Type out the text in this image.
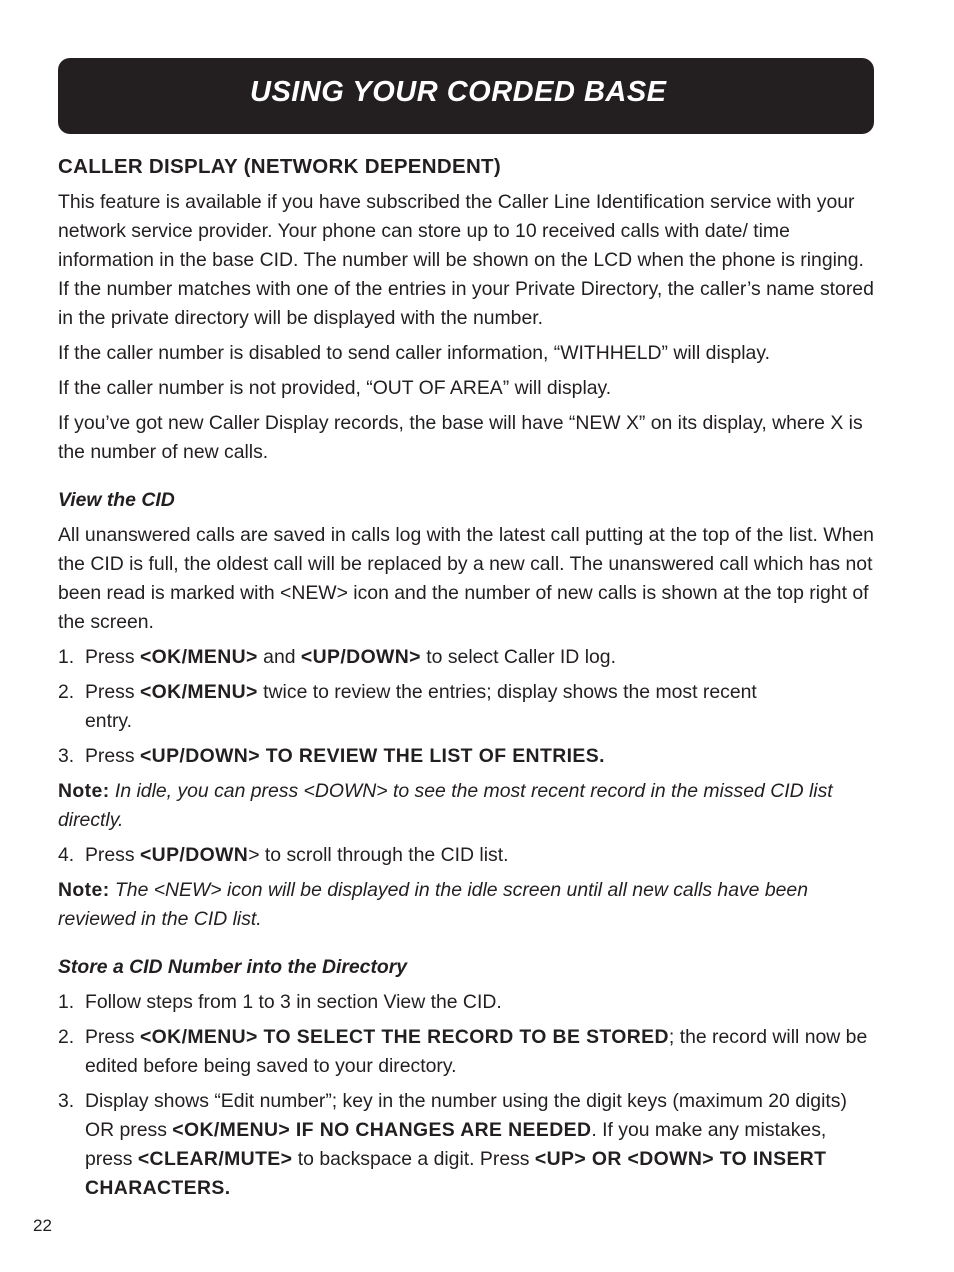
USING YOUR CORDED BASE
CALLER DISPLAY (NETWORK DEPENDENT)

This feature is available if you have subscribed the Caller Line Identification service with your network service provider. Your phone can store up to 10 received calls with date/ time information in the base CID. The number will be shown on the LCD when the phone is ringing. If the number matches with one of the entries in your Private Directory, the caller’s name stored in the private directory will be displayed with the number.

If the caller number is disabled to send caller information, “WITHHELD” will display.

If the caller number is not provided, “OUT OF AREA” will display.

If you’ve got new Caller Display records, the base will have “NEW X” on its display, where X is the number of new calls.

View the CID

All unanswered calls are saved in calls log with the latest call putting at the top of the list. When the CID is full, the oldest call will be replaced by a new call. The unanswered call which has not been read is marked with <NEW> icon and the number of new calls is shown at the top right of the screen.

1. Press <OK/MENU> and <UP/DOWN> to select Caller ID log.
2. Press <OK/MENU> twice to review the entries; display shows the most recent entry.
3. Press <UP/DOWN> TO REVIEW THE LIST OF ENTRIES.
Note: In idle, you can press <DOWN> to see the most recent record in the missed CID list directly.
4. Press <UP/DOWN> to scroll through the CID list.
Note: The <NEW> icon will be displayed in the idle screen until all new calls have been reviewed in the CID list.
Store a CID Number into the Directory
1. Follow steps from 1 to 3 in section View the CID.
2. Press <OK/MENU> TO SELECT THE RECORD TO BE STORED; the record will now be edited before being saved to your directory.
3. Display shows “Edit number”; key in the number using the digit keys (maximum 20 digits) OR press <OK/MENU> IF NO CHANGES ARE NEEDED. If you make any mistakes, press <CLEAR/MUTE> to backspace a digit. Press <UP> OR <DOWN> TO INSERT CHARACTERS.
22
